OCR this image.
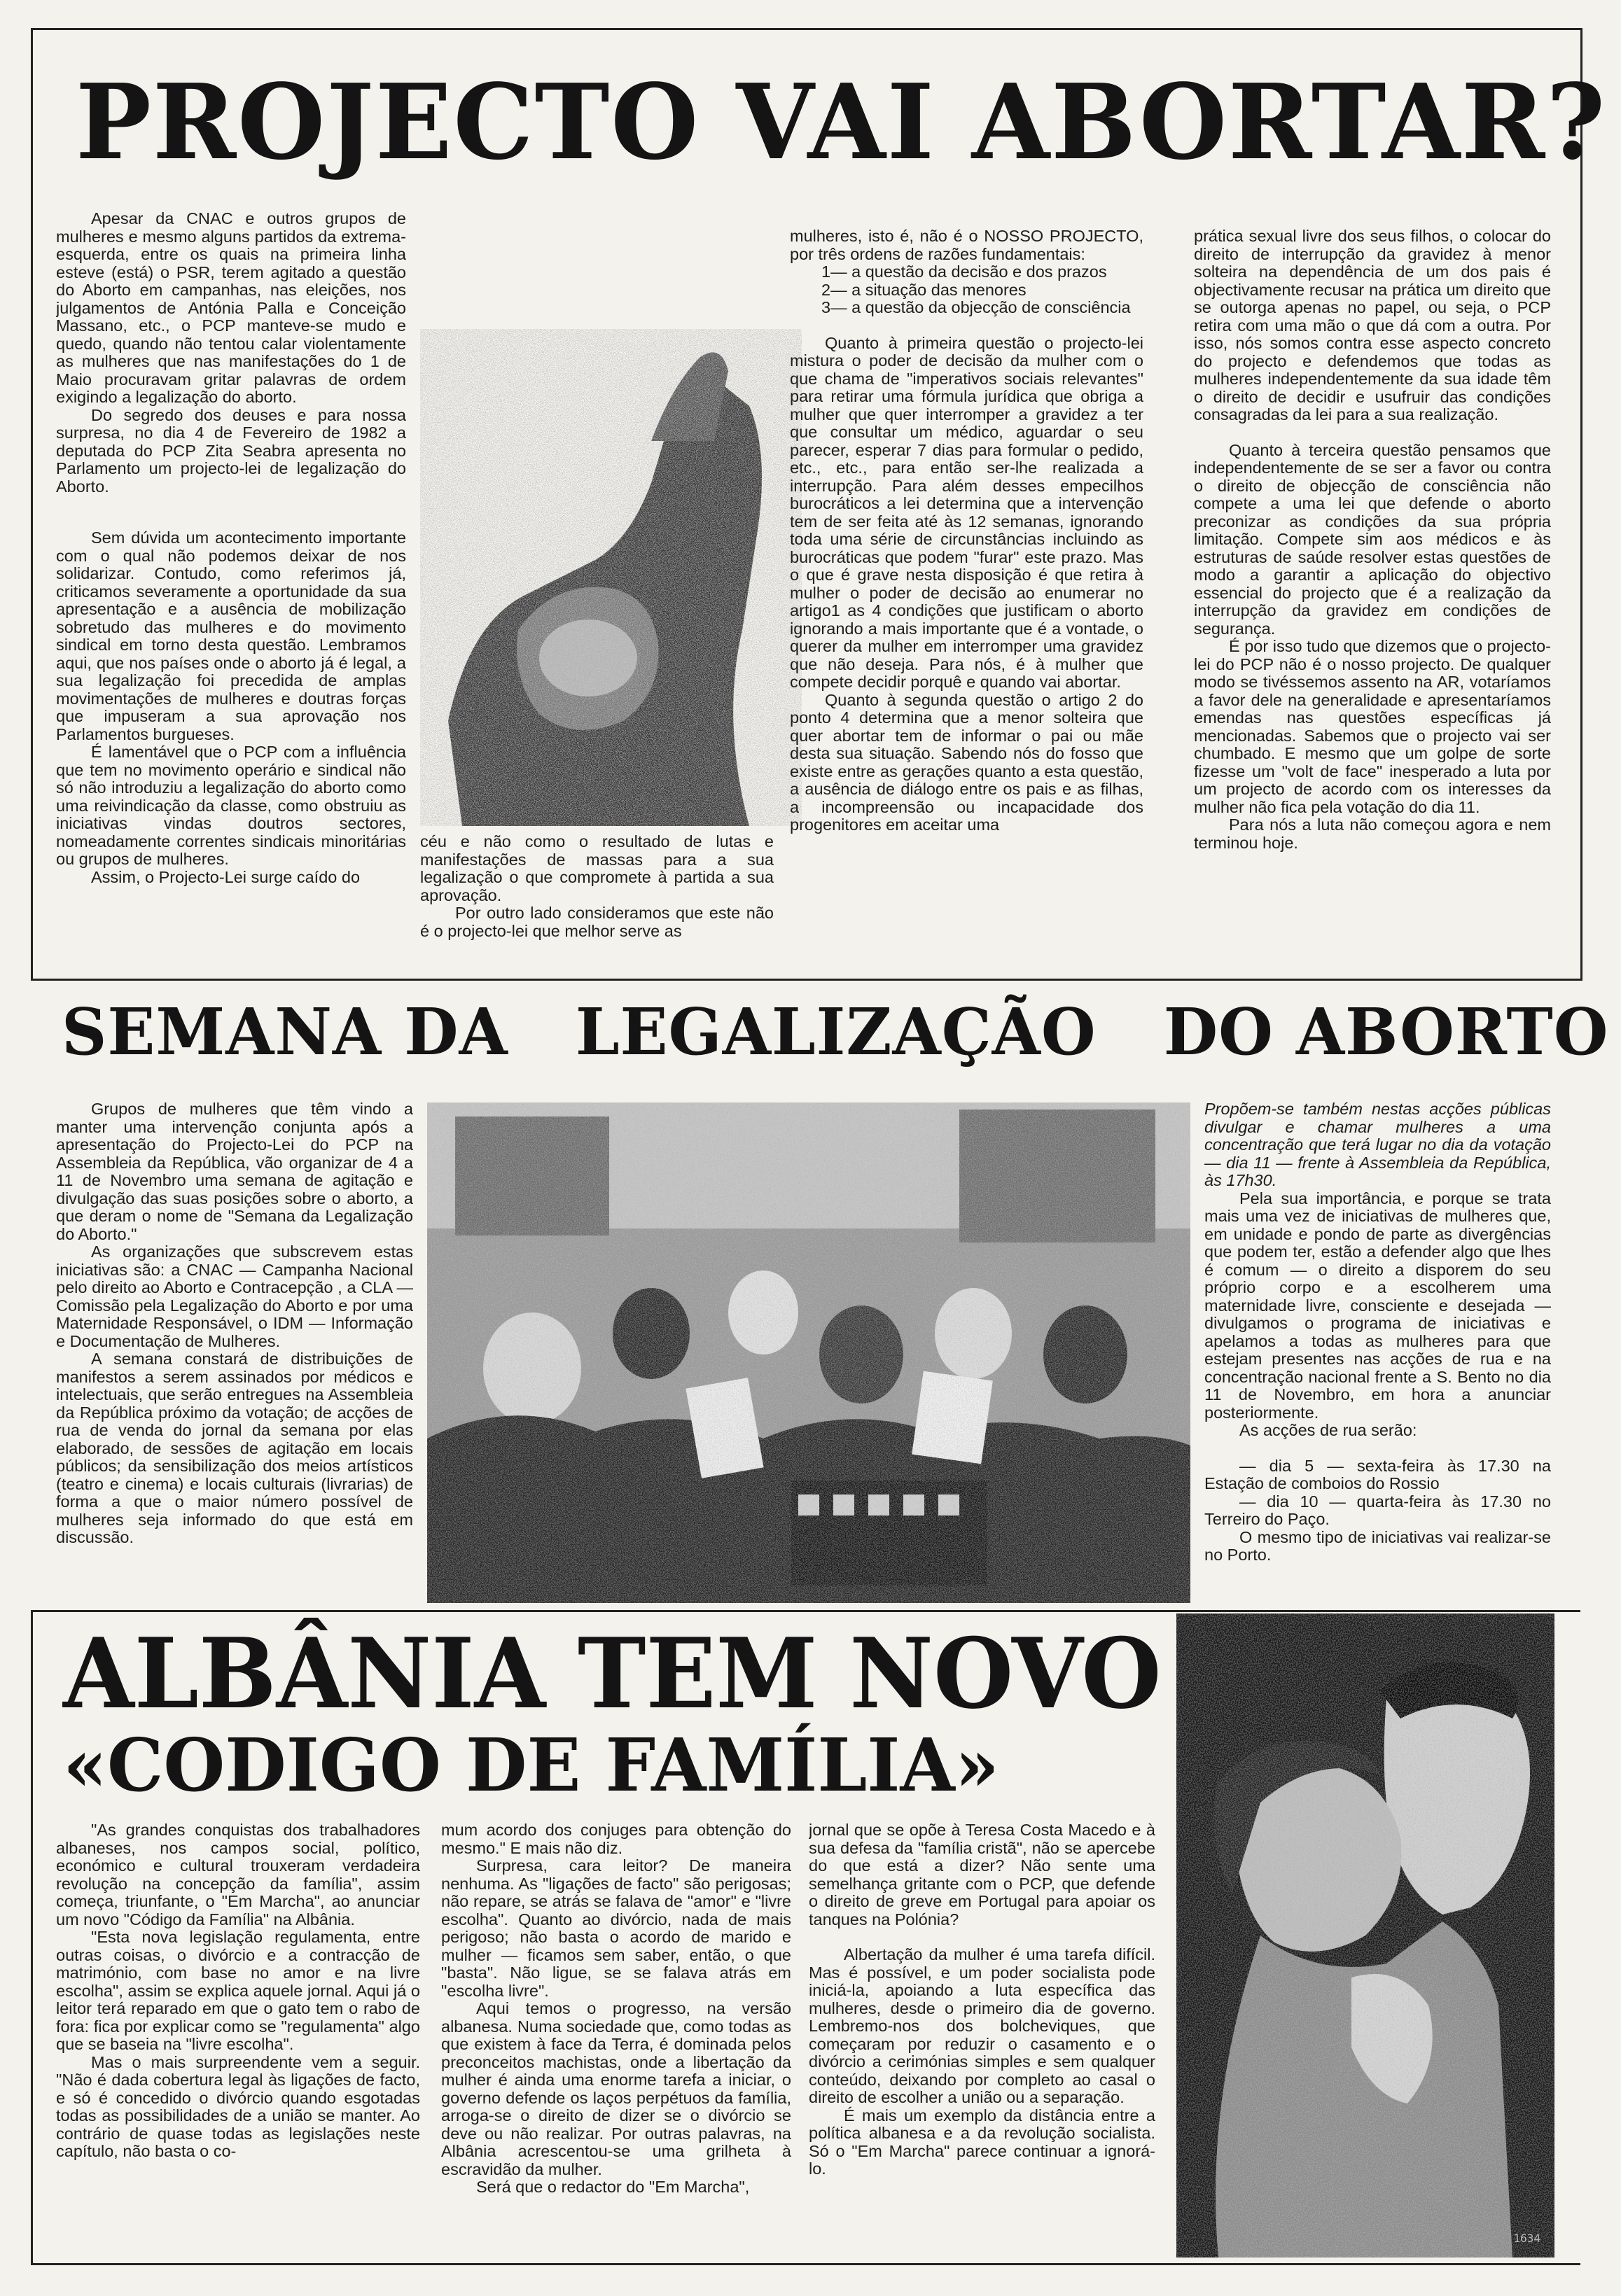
PROJECTO VAI ABORTAR?

Apesar da CNAC e outros grupos de mulheres e mesmo alguns partidos da extrema-esquerda, entre os quais na primeira linha esteve (está) o PSR, terem agitado a questão do Aborto em campanhas, nas eleições, nos julgamentos de Antónia Palla e Conceição Massano, etc., o PCP manteve-se mudo e quedo, quando não tentou calar violentamente as mulheres que nas manifestações do 1 de Maio procuravam gritar palavras de ordem exigindo a legalização do aborto.

Do segredo dos deuses e para nossa surpresa, no dia 4 de Fevereiro de 1982 a deputada do PCP Zita Seabra apresenta no Parlamento um projecto-lei de legalização do Aborto.

Sem dúvida um acontecimento importante com o qual não podemos deixar de nos solidarizar. Contudo, como referimos já, criticamos severamente a oportunidade da sua apresentação e a ausência de mobilização sobretudo das mulheres e do movimento sindical em torno desta questão. Lembramos aqui, que nos países onde o aborto já é legal, a sua legalização foi precedida de amplas movimentações de mulheres e doutras forças que impuseram a sua aprovação nos Parlamentos burgueses.

É lamentável que o PCP com a influência que tem no movimento operário e sindical não só não introduziu a legalização do aborto como uma reivindicação da classe, como obstruiu as iniciativas vindas doutros sectores, nomeadamente correntes sindicais minoritárias ou grupos de mulheres.

Assim, o Projecto-Lei surge caído do

céu e não como o resultado de lutas e manifestações de massas para a sua legalização o que compromete à partida a sua aprovação.

Por outro lado consideramos que este não é o projecto-lei que melhor serve as

mulheres, isto é, não é o NOSSO PROJECTO, por três ordens de razões fundamentais:

1— a questão da decisão e dos prazos

2— a situação das menores

3— a questão da objecção de consciência

Quanto à primeira questão o projecto-lei mistura o poder de decisão da mulher com o que chama de "imperativos sociais relevantes" para retirar uma fórmula jurídica que obriga a mulher que quer interromper a gravidez a ter que consultar um médico, aguardar o seu parecer, esperar 7 dias para formular o pedido, etc., etc., para então ser-lhe realizada a interrupção. Para além desses empecilhos burocráticos a lei determina que a intervenção tem de ser feita até às 12 semanas, ignorando toda uma série de circunstâncias incluindo as burocráticas que podem "furar" este prazo. Mas o que é grave nesta disposição é que retira à mulher o poder de decisão ao enumerar no artigo1 as 4 condições que justificam o aborto ignorando a mais importante que é a vontade, o querer da mulher em interromper uma gravidez que não deseja. Para nós, é à mulher que compete decidir porquê e quando vai abortar.

Quanto à segunda questão o artigo 2 do ponto 4 determina que a menor solteira que quer abortar tem de informar o pai ou mãe desta sua situação. Sabendo nós do fosso que existe entre as gerações quanto a esta questão, a ausência de diálogo entre os pais e as filhas, a incompreensão ou incapacidade dos progenitores em aceitar uma

prática sexual livre dos seus filhos, o colocar do direito de interrupção da gravidez à menor solteira na dependência de um dos pais é objectivamente recusar na prática um direito que se outorga apenas no papel, ou seja, o PCP retira com uma mão o que dá com a outra. Por isso, nós somos contra esse aspecto concreto do projecto e defendemos que todas as mulheres independentemente da sua idade têm o direito de decidir e usufruir das condições consagradas da lei para a sua realização.

Quanto à terceira questão pensamos que independentemente de se ser a favor ou contra o direito de objecção de consciência não compete a uma lei que defende o aborto preconizar as condições da sua própria limitação. Compete sim aos médicos e às estruturas de saúde resolver estas questões de modo a garantir a aplicação do objectivo essencial do projecto que é a realização da interrupção da gravidez em condições de segurança.

É por isso tudo que dizemos que o projecto-lei do PCP não é o nosso projecto. De qualquer modo se tivéssemos assento na AR, votaríamos a favor dele na generalidade e apresentaríamos emendas nas questões específicas já mencionadas. Sabemos que o projecto vai ser chumbado. E mesmo que um golpe de sorte fizesse um "volt de face" inesperado a luta por um projecto de acordo com os interesses da mulher não fica pela votação do dia 11.

Para nós a luta não começou agora e nem terminou hoje.

SEMANA DA   LEGALIZAÇÃO   DO ABORTO

Grupos de mulheres que têm vindo a manter uma intervenção conjunta após a apresentação do Projecto-Lei do PCP na Assembleia da República, vão organizar de 4 a 11 de Novembro uma semana de agitação e divulgação das suas posições sobre o aborto, a que deram o nome de "Semana da Legalização do Aborto."

As organizações que subscrevem estas iniciativas são: a CNAC — Campanha Nacional pelo direito ao Aborto e Contracepção , a CLA — Comissão pela Legalização do Aborto e por uma Maternidade Responsável, o IDM — Informação e Documentação de Mulheres.

A semana constará de distribuições de manifestos a serem assinados por médicos e intelectuais, que serão entregues na Assembleia da República próximo da votação; de acções de rua de venda do jornal da semana por elas elaborado, de sessões de agitação em locais públicos; da sensibilização dos meios artísticos (teatro e cinema) e locais culturais (livrarias) de forma a que o maior número possível de mulheres seja informado do que está em discussão.

Propõem-se também nestas acções públicas divulgar e chamar mulheres a uma concentração que terá lugar no dia da votação — dia 11 — frente à Assembleia da República, às 17h30.

Pela sua importância, e porque se trata mais uma vez de iniciativas de mulheres que, em unidade e pondo de parte as divergências que podem ter, estão a defender algo que lhes é comum — o direito a disporem do seu próprio corpo e a escolherem uma maternidade livre, consciente e desejada — divulgamos o programa de iniciativas e apelamos a todas as mulheres para que estejam presentes nas acções de rua e na concentração nacional frente a S. Bento no dia 11 de Novembro, em hora a anunciar posteriormente.

As acções de rua serão:

— dia 5 — sexta-feira às 17.30 na Estação de comboios do Rossio

— dia 10 — quarta-feira às 17.30 no Terreiro do Paço.

O mesmo tipo de iniciativas vai realizar-se no Porto.

ALBÂNIA TEM NOVO
«CODIGO DE FAMÍLIA»

"As grandes conquistas dos trabalhadores albaneses, nos campos social, político, económico e cultural trouxeram verdadeira revolução na concepção da família", assim começa, triunfante, o "Em Marcha", ao anunciar um novo "Código da Família" na Albânia.

"Esta nova legislação regulamenta, entre outras coisas, o divórcio e a contracção de matrimónio, com base no amor e na livre escolha", assim se explica aquele jornal. Aqui já o leitor terá reparado em que o gato tem o rabo de fora: fica por explicar como se "regulamenta" algo que se baseia na "livre escolha".

Mas o mais surpreendente vem a seguir. "Não é dada cobertura legal às ligações de facto, e só é concedido o divórcio quando esgotadas todas as possibilidades de a união se manter. Ao contrário de quase todas as legislações neste capítulo, não basta o co-

mum acordo dos conjuges para obtenção do mesmo." E mais não diz.

Surpresa, cara leitor? De maneira nenhuma. As "ligações de facto" são perigosas; não repare, se atrás se falava de "amor" e "livre escolha". Quanto ao divórcio, nada de mais perigoso; não basta o acordo de marido e mulher — ficamos sem saber, então, o que "basta". Não ligue, se se falava atrás em "escolha livre".

Aqui temos o progresso, na versão albanesa. Numa sociedade que, como todas as que existem à face da Terra, é dominada pelos preconceitos machistas, onde a libertação da mulher é ainda uma enorme tarefa a iniciar, o governo defende os laços perpétuos da família, arroga-se o direito de dizer se o divórcio se deve ou não realizar. Por outras palavras, na Albânia acrescentou-se uma grilheta à escravidão da mulher.

Será que o redactor do "Em Marcha",

jornal que se opõe à Teresa Costa Macedo e à sua defesa da "família cristã", não se apercebe do que está a dizer? Não sente uma semelhança gritante com o PCP, que defende o direito de greve em Portugal para apoiar os tanques na Polónia?

Albertação da mulher é uma tarefa difícil. Mas é possível, e um poder socialista pode iniciá-la, apoiando a luta específica das mulheres, desde o primeiro dia de governo. Lembremo-nos dos bolcheviques, que começaram por reduzir o casamento e o divórcio a cerimónias simples e sem qualquer conteúdo, deixando por completo ao casal o direito de escolher a união ou a separação.

É mais um exemplo da distância entre a política albanesa e a da revolução socialista. Só o "Em Marcha" parece continuar a ignorá-lo.

1634
